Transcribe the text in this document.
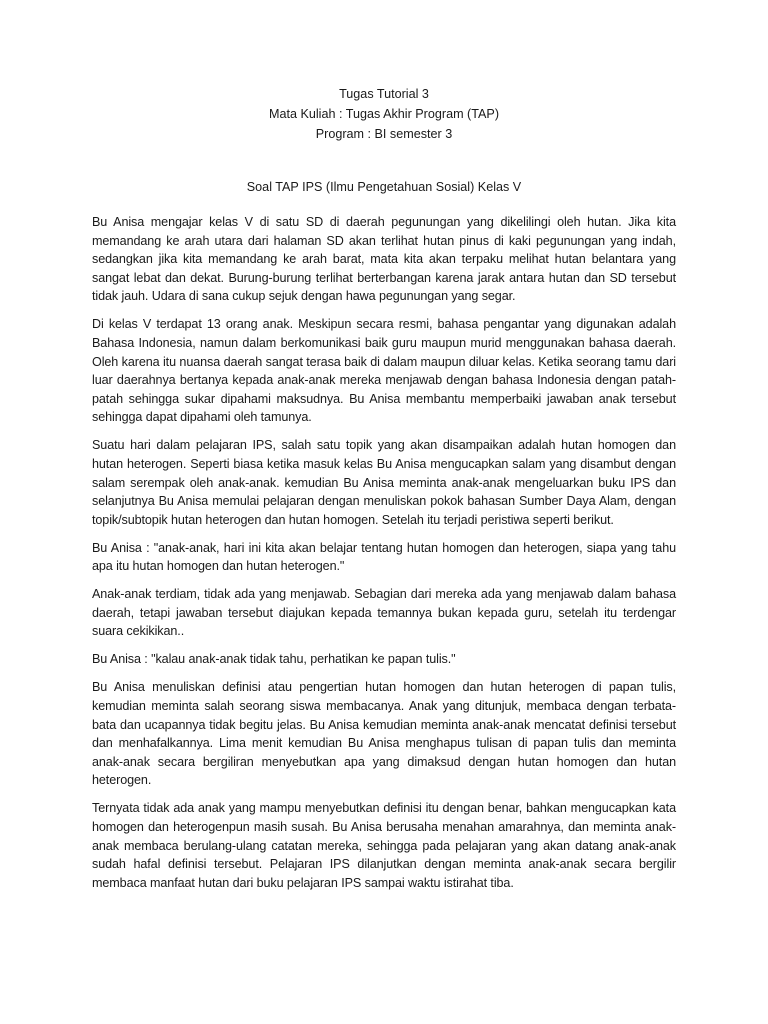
Tugas Tutorial 3
Mata Kuliah : Tugas Akhir Program (TAP)
Program : BI semester 3
Soal TAP IPS (Ilmu Pengetahuan Sosial) Kelas V

Bu Anisa mengajar kelas V di satu SD di daerah pegunungan yang dikelilingi oleh hutan. Jika kita memandang ke arah utara dari halaman SD akan terlihat hutan pinus di kaki pegunungan yang indah, sedangkan jika kita memandang ke arah barat, mata kita akan terpaku melihat hutan belantara yang sangat lebat dan dekat. Burung-burung terlihat berterbangan karena jarak antara hutan dan SD tersebut tidak jauh. Udara di sana cukup sejuk dengan hawa pegunungan yang segar.

Di kelas V terdapat 13 orang anak. Meskipun secara resmi, bahasa pengantar yang digunakan adalah Bahasa Indonesia, namun dalam berkomunikasi baik guru maupun murid menggunakan bahasa daerah. Oleh karena itu nuansa daerah sangat terasa baik di dalam maupun diluar kelas. Ketika seorang tamu dari luar daerahnya bertanya kepada anak-anak mereka menjawab dengan bahasa Indonesia dengan patah-patah sehingga sukar dipahami maksudnya. Bu Anisa membantu memperbaiki jawaban anak tersebut sehingga dapat dipahami oleh tamunya.

Suatu hari dalam pelajaran IPS, salah satu topik yang akan disampaikan adalah hutan homogen dan hutan heterogen. Seperti biasa ketika masuk kelas Bu Anisa mengucapkan salam yang disambut dengan salam serempak oleh anak-anak. kemudian Bu Anisa meminta anak-anak mengeluarkan buku IPS dan selanjutnya Bu Anisa memulai pelajaran dengan menuliskan pokok bahasan Sumber Daya Alam, dengan topik/subtopik hutan heterogen dan hutan homogen. Setelah itu terjadi peristiwa seperti berikut.

Bu Anisa : "anak-anak, hari ini kita akan belajar tentang hutan homogen dan heterogen, siapa yang tahu apa itu hutan homogen dan hutan heterogen."

Anak-anak terdiam, tidak ada yang menjawab. Sebagian dari mereka ada yang menjawab dalam bahasa daerah, tetapi jawaban tersebut diajukan kepada temannya bukan kepada guru, setelah itu terdengar suara cekikikan..

Bu Anisa : "kalau anak-anak tidak tahu, perhatikan ke papan tulis."

Bu Anisa menuliskan definisi atau pengertian hutan homogen dan hutan heterogen di papan tulis, kemudian meminta salah seorang siswa membacanya. Anak yang ditunjuk, membaca dengan terbata-bata dan ucapannya tidak begitu jelas. Bu Anisa kemudian meminta anak-anak mencatat definisi tersebut dan menhafalkannya. Lima menit kemudian Bu Anisa menghapus tulisan di papan tulis dan meminta anak-anak secara bergiliran menyebutkan apa yang dimaksud dengan hutan homogen dan hutan heterogen.

Ternyata tidak ada anak yang mampu menyebutkan definisi itu dengan benar, bahkan mengucapkan kata homogen dan heterogenpun masih susah. Bu Anisa berusaha menahan amarahnya, dan meminta anak-anak membaca berulang-ulang catatan mereka, sehingga pada pelajaran yang akan datang anak-anak sudah hafal definisi tersebut. Pelajaran IPS dilanjutkan dengan meminta anak-anak secara bergilir membaca manfaat hutan dari buku pelajaran IPS sampai waktu istirahat tiba.
